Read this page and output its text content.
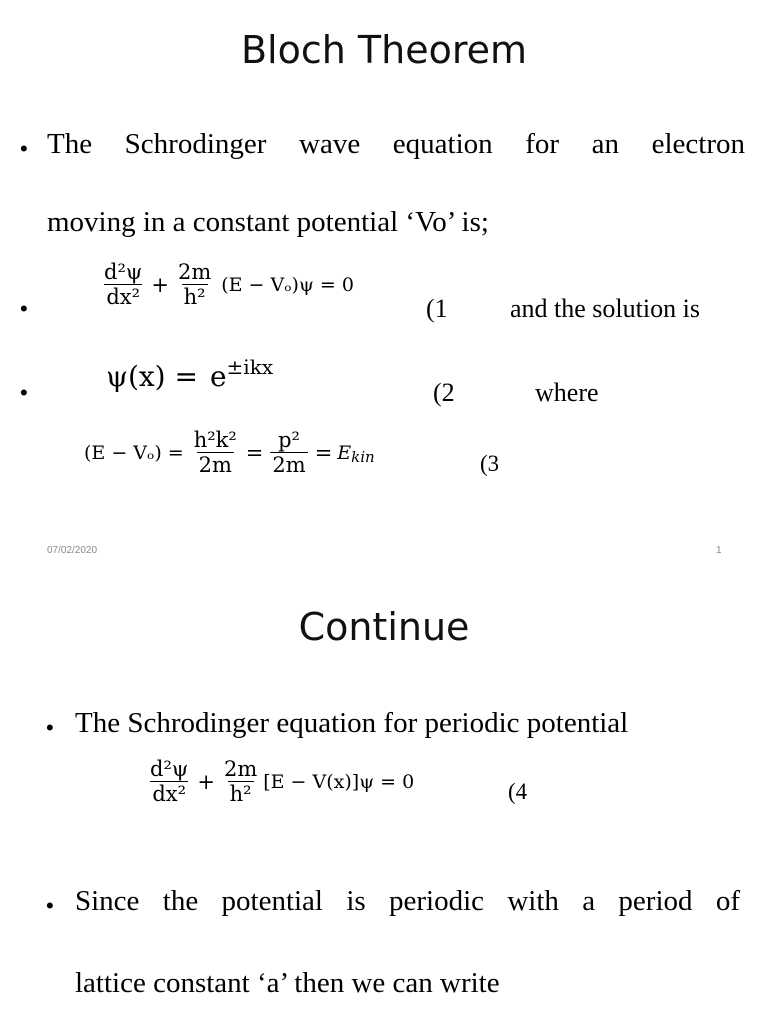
Bloch Theorem
• The Schrodinger wave equation for an electron
moving in a constant potential ‘Vo’ is;
•	$\frac{\text{d²ψ}}{\text{dx²}} + \frac{2m}{\text{h²}} (E - V_o)\psi = 0$
(1 and the solution is
•	$\psi(x) = e^{\pm ikx}$
(2	where
$(E - V_o) = \frac{\text{h²k²}}{2m} = \frac{\text{p²}}{2m} = E_{kin}$	(3
07/02/2020	1
Continue
• The Schrodinger equation for periodic potential
$\frac{\text{d²ψ}}{\text{dx²}} + \frac{2m}{\text{h²}} [E - V(x)]\psi = 0$	(4
• Since the potential is periodic with a period of
lattice constant ‘a’ then we can write
